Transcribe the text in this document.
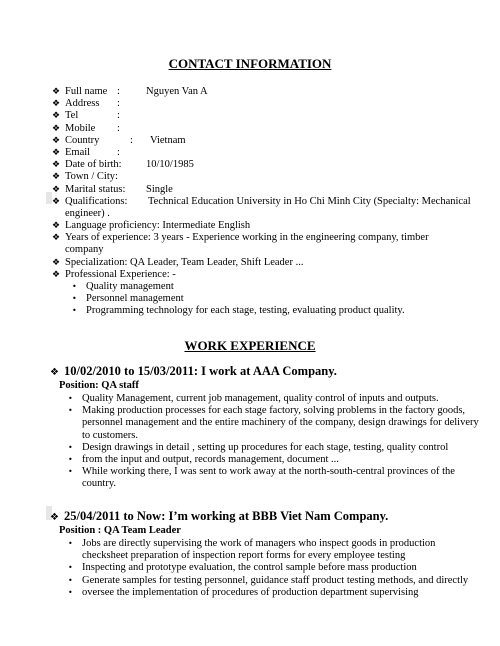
CONTACT INFORMATION
❖ Full name : Nguyen Van A
❖ Address :
❖ Tel	:
❖ Mobile :
❖ Country	: Vietnam
❖ Email	:
❖ Date of birth: 10/10/1985
❖ Town / City:
❖ Marital status: Single
❖ Qualifications: Technical Education University in Ho Chi Minh City (Specialty: Mechanical engineer) .
❖ Language proficiency: Intermediate English
❖ Years of experience: 3 years - Experience working in the engineering company, timber company
❖ Specialization: QA Leader, Team Leader, Shift Leader ...
❖ Professional Experience: -
• Quality management
• Personnel management
• Programming technology for each stage, testing, evaluating product quality.
WORK EXPERIENCE
❖ 10/02/2010 to 15/03/2011: I work at AAA Company.
Position: QA staff
• Quality Management, current job management, quality control of inputs and outputs.
• Making production processes for each stage factory, solving problems in the factory goods, personnel management and the entire machinery of the company, design drawings for delivery to customers.
• Design drawings in detail , setting up procedures for each stage, testing, quality control
• from the input and output, records management, document ...
• While working there, I was sent to work away at the north-south-central provinces of the country.
❖ 25/04/2011 to Now: I’m working at BBB Viet Nam Company.
Position : QA Team Leader
• Jobs are directly supervising the work of managers who inspect goods in production checksheet preparation of inspection report forms for every employee testing
• Inspecting and prototype evaluation, the control sample before mass production
• Generate samples for testing personnel, guidance staff product testing methods, and directly
• oversee the implementation of procedures of production department supervising
